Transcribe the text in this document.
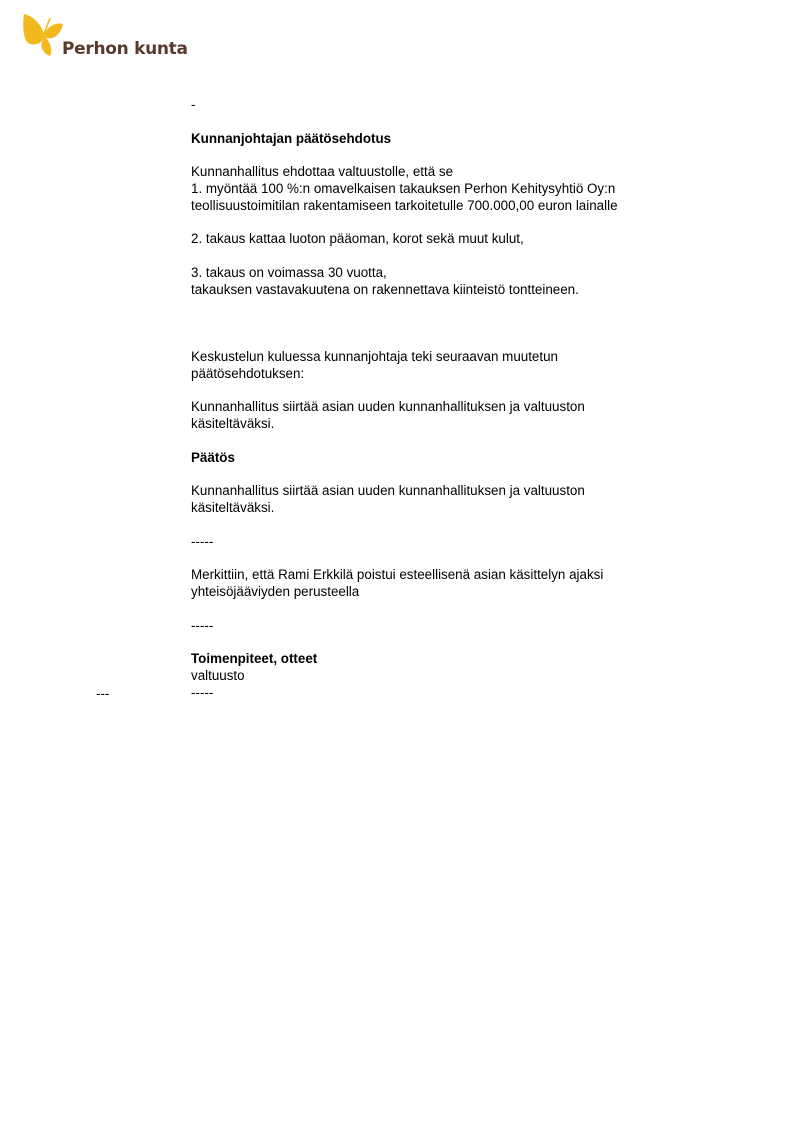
Perhon kunta
-
Kunnanjohtajan päätösehdotus
Kunnanhallitus ehdottaa valtuustolle, että se
1. myöntää 100 %:n omavelkaisen takauksen Perhon Kehitysyhtiö Oy:n
teollisuustoimitilan rakentamiseen tarkoitetulle 700.000,00 euron lainalle
2. takaus kattaa luoton pääoman, korot sekä muut kulut,
3. takaus on voimassa 30 vuotta,
takauksen vastavakuutena on rakennettava kiinteistö tontteineen.
Keskustelun kuluessa kunnanjohtaja teki seuraavan muutetun
päätösehdotuksen:
Kunnanhallitus siirtää asian uuden kunnanhallituksen ja valtuuston
käsiteltäväksi.
Päätös
Kunnanhallitus siirtää asian uuden kunnanhallituksen ja valtuuston
käsiteltäväksi.
-----
Merkittiin, että Rami Erkkilä poistui esteellisenä asian käsittelyn ajaksi
yhteisöjääviyden perusteella
-----
Toimenpiteet, otteet
valtuusto
-----
---
